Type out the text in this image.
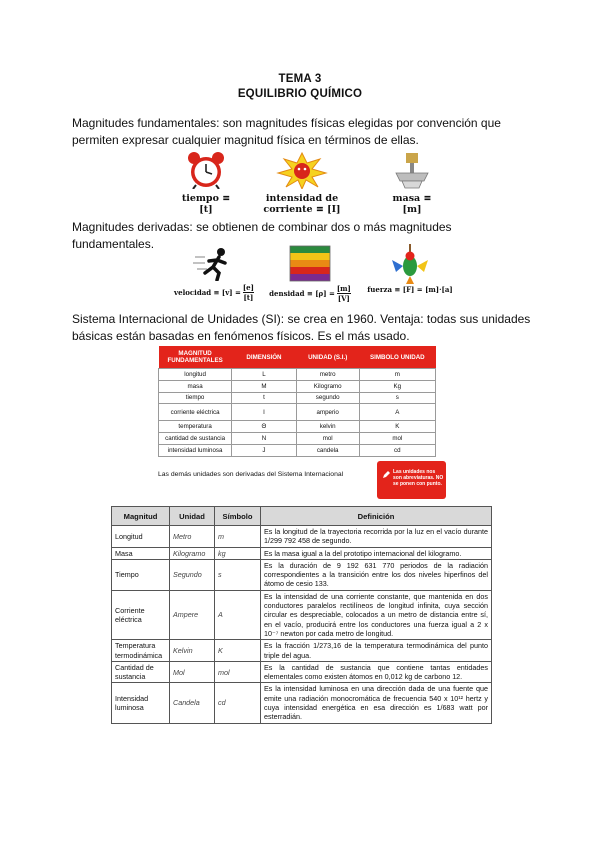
TEMA 3
EQUILIBRIO QUÍMICO
Magnitudes fundamentales: son magnitudes físicas elegidas por convención que permiten expresar cualquier magnitud física en términos de ellas.
tiempo ≡ [t]
intensidad de corriente ≡ [I]
masa ≡ [m]
Magnitudes derivadas: se obtienen de combinar dos o más magnitudes fundamentales.
velocidad ≡ $[v] = \frac{[e]}{[t]}$ densidad ≡ $[\rho] = \frac{[m]}{[V]}$	fuerza ≡ [F] = [m]·[a]
Sistema Internacional de Unidades (SI): se crea en 1960. Ventaja: todas sus unidades básicas están basadas en fenómenos físicos. Es el más usado.
MAGNITUD FUNDAMENTALES	DIMENSIÓN	UNIDAD (S.I.)	SIMBOLO UNIDAD
longitud	L	metro	m
masa	M	Kilogramo	Kg
tiempo	t	segundo	s
corriente eléctrica	I	amperio	A
temperatura	Θ	kelvin	K
cantidad de sustancia	N	mol	mol
intensidad luminosa	J	candela	cd
Las demás unidades son derivadas del Sistema Internacional	Las unidades nos son abreviaturas. NO se ponen con punto.
Magnitud	Unidad	Símbolo	Definición
Longitud	Metro	m	Es la longitud de la trayectoria recorrida por la luz en el vacío durante 1/299 792 458 de segundo.
Masa	Kilogramo	kg	Es la masa igual a la del prototipo internacional del kilogramo.
Tiempo	Segundo	s	Es la duración de 9 192 631 770 periodos de la radiación correspondientes a la transición entre los dos niveles hiperfinos del átomo de cesio 133.
Corriente eléctrica	Ampere	A	Es la intensidad de una corriente constante, que mantenida en dos conductores paralelos rectilíneos de longitud infinita, cuya sección circular es despreciable, colocados a un metro de distancia entre sí, en el vacío, producirá entre los conductores una fuerza igual a 2 x 10⁻⁷ newton por cada metro de longitud.
Temperatura termodinámica	Kelvin	K	Es la fracción 1/273,16 de la temperatura termodinámica del punto triple del agua.
Cantidad de sustancia	Mol	mol	Es la cantidad de sustancia que contiene tantas entidades elementales como existen átomos en 0,012 kg de carbono 12.
Intensidad luminosa	Candela	cd	Es la intensidad luminosa en una dirección dada de una fuente que emite una radiación monocromática de frecuencia 540 x 10¹² hertz y cuya intensidad energética en esa dirección es 1/683 watt por esterradián.
